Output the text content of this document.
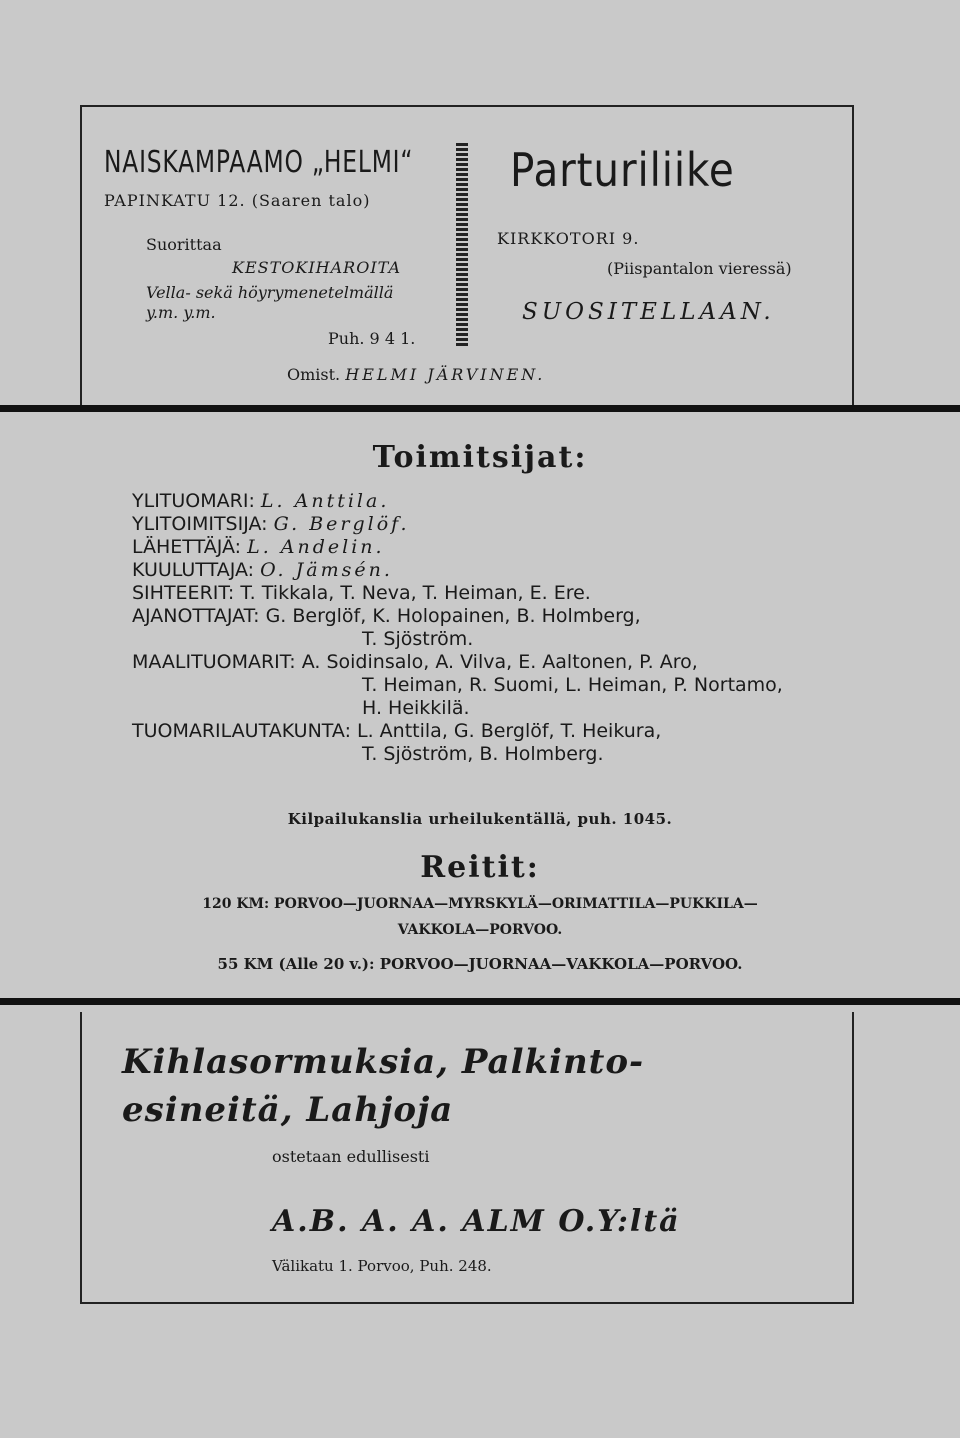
NAISKAMPAAMO „HELMI“
PAPINKATU 12. (Saaren talo)
Suorittaa
KESTOKIHAROITA
Vella- sekä höyrymenetelmällä
y.m. y.m.
Puh. 9 4 1.
Parturiliike
KIRKKOTORI 9.
(Piispantalon vieressä)
SUOSITELLAAN.
Omist. HELMI JÄRVINEN.
Toimitsijat:
YLITUOMARI: L. Anttila.
YLITOIMITSIJA: G. Berglöf.
LÄHETTÄJÄ: L. Andelin.
KUULUTTAJA: O. Jämsén.
SIHTEERIT: T. Tikkala, T. Neva, T. Heiman, E. Ere.
AJANOTTAJAT: G. Berglöf, K. Holopainen, B. Holmberg,
T. Sjöström.
MAALITUOMARIT: A. Soidinsalo, A. Vilva, E. Aaltonen, P. Aro,
T. Heiman, R. Suomi, L. Heiman, P. Nortamo,
H. Heikkilä.
TUOMARILAUTAKUNTA: L. Anttila, G. Berglöf, T. Heikura,
T. Sjöström, B. Holmberg.
Kilpailukanslia urheilukentällä, puh. 1045.
Reitit:
120 KM: PORVOO—JUORNAA—MYRSKYLÄ—ORIMATTILA—PUKKILA—
VAKKOLA—PORVOO.
55 KM (Alle 20 v.): PORVOO—JUORNAA—VAKKOLA—PORVOO.
Kihlasormuksia, Palkinto-
esineitä, Lahjoja
ostetaan edullisesti
A.B. A. A. ALM O.Y:ltä
Välikatu 1. Porvoo, Puh. 248.
